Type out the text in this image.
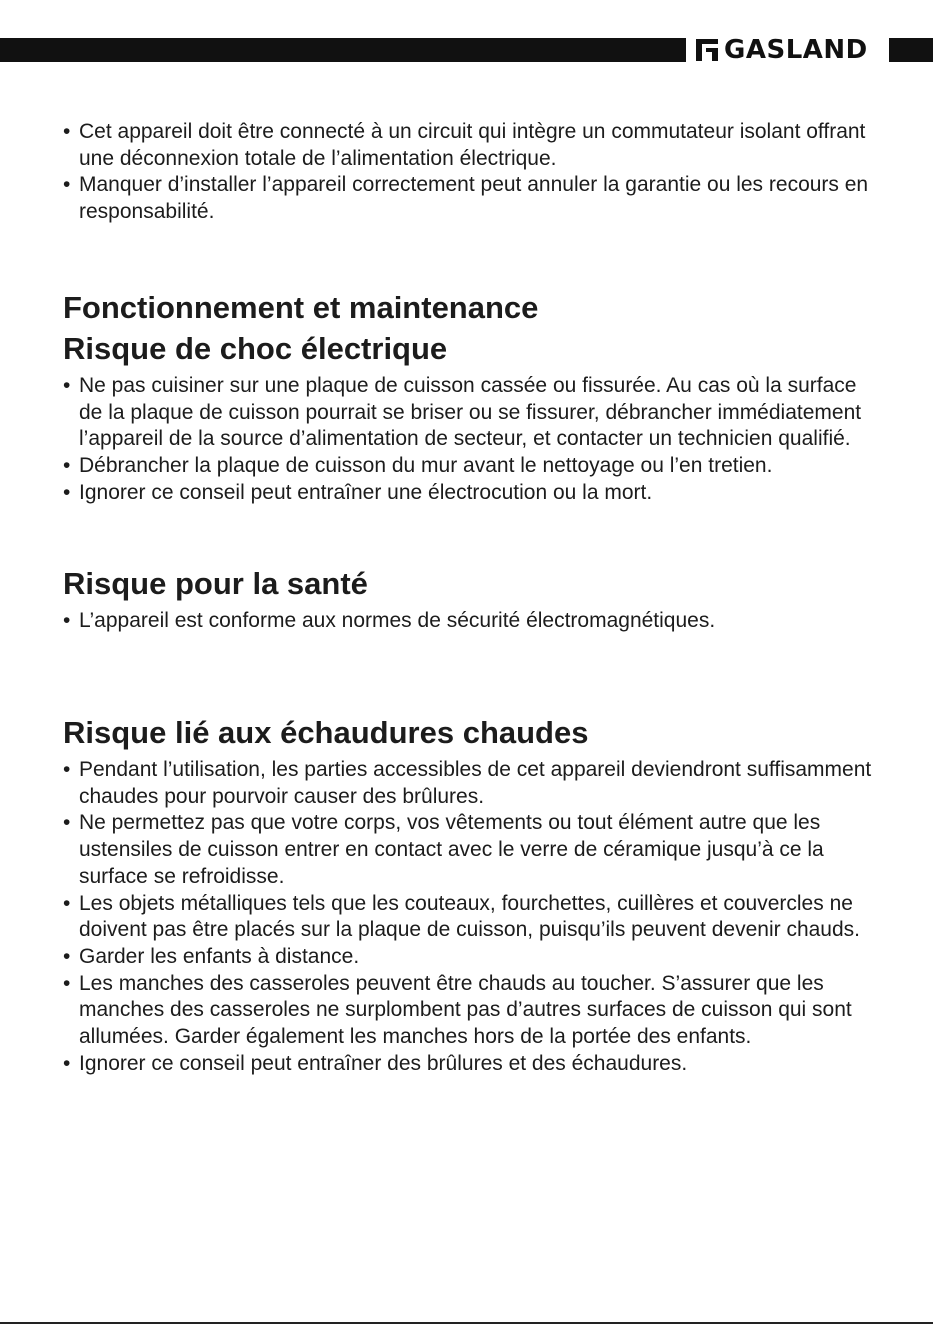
GASLAND
• Cet appareil doit être connecté à un circuit qui intègre un commutateur isolant offrant une déconnexion totale de l’alimentation électrique.
• Manquer d’installer l’appareil correctement peut annuler la garantie ou les recours en responsabilité.
Fonctionnement et maintenance
Risque de choc électrique
• Ne pas cuisiner sur une plaque de cuisson cassée ou fissurée. Au cas où la surface de la plaque de cuisson pourrait se briser ou se fissurer, débrancher immédiatement l’appareil de la source d’alimentation de secteur, et contacter un technicien qualifié.
• Débrancher la plaque de cuisson du mur avant le nettoyage ou l’en tretien.
• Ignorer ce conseil peut entraîner une électrocution ou la mort.
Risque pour la santé
• L’appareil est conforme aux normes de sécurité électromagnétiques.
Risque lié aux échaudures chaudes
• Pendant l’utilisation, les parties accessibles de cet appareil deviendront suffisamment chaudes pour pourvoir causer des brûlures.
• Ne permettez pas que votre corps, vos vêtements ou tout élément autre que les ustensiles de cuisson entrer en contact avec le verre de céramique jusqu’à ce la surface se refroidisse.
• Les objets métalliques tels que les couteaux, fourchettes, cuillères et couvercles ne doivent pas être placés sur la plaque de cuisson, puisqu’ils peuvent devenir chauds.
• Garder les enfants à distance.
• Les manches des casseroles peuvent être chauds au toucher. S’assurer que les manches des casseroles ne surplombent pas d’autres surfaces de cuisson qui sont allumées. Garder également les manches hors de la portée des enfants.
• Ignorer ce conseil peut entraîner des brûlures et des échaudures.
